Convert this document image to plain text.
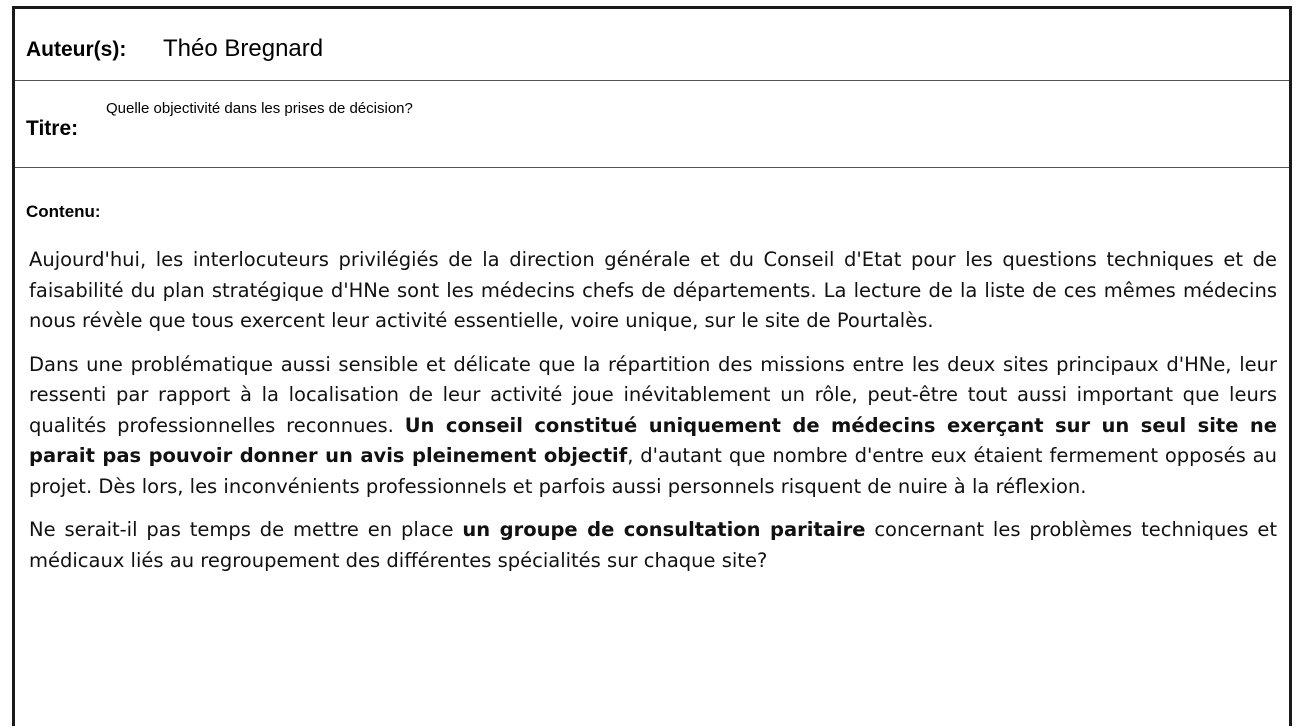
Auteur(s): Théo Bregnard
Titre:
Quelle objectivité dans les prises de décision?
Contenu:

Aujourd'hui, les interlocuteurs privilégiés de la direction générale et du Conseil d'Etat pour les questions techniques et de faisabilité du plan stratégique d'HNe sont les médecins chefs de départements. La lecture de la liste de ces mêmes médecins nous révèle que tous exercent leur activité essentielle, voire unique, sur le site de Pourtalès.

Dans une problématique aussi sensible et délicate que la répartition des missions entre les deux sites principaux d'HNe, leur ressenti par rapport à la localisation de leur activité joue inévitablement un rôle, peut-être tout aussi important que leurs qualités professionnelles reconnues. Un conseil constitué uniquement de médecins exerçant sur un seul site ne parait pas pouvoir donner un avis pleinement objectif, d'autant que nombre d'entre eux étaient fermement opposés au projet. Dès lors, les inconvénients professionnels et parfois aussi personnels risquent de nuire à la réflexion.

Ne serait-il pas temps de mettre en place un groupe de consultation paritaire concernant les problèmes techniques et médicaux liés au regroupement des différentes spécialités sur chaque site?
